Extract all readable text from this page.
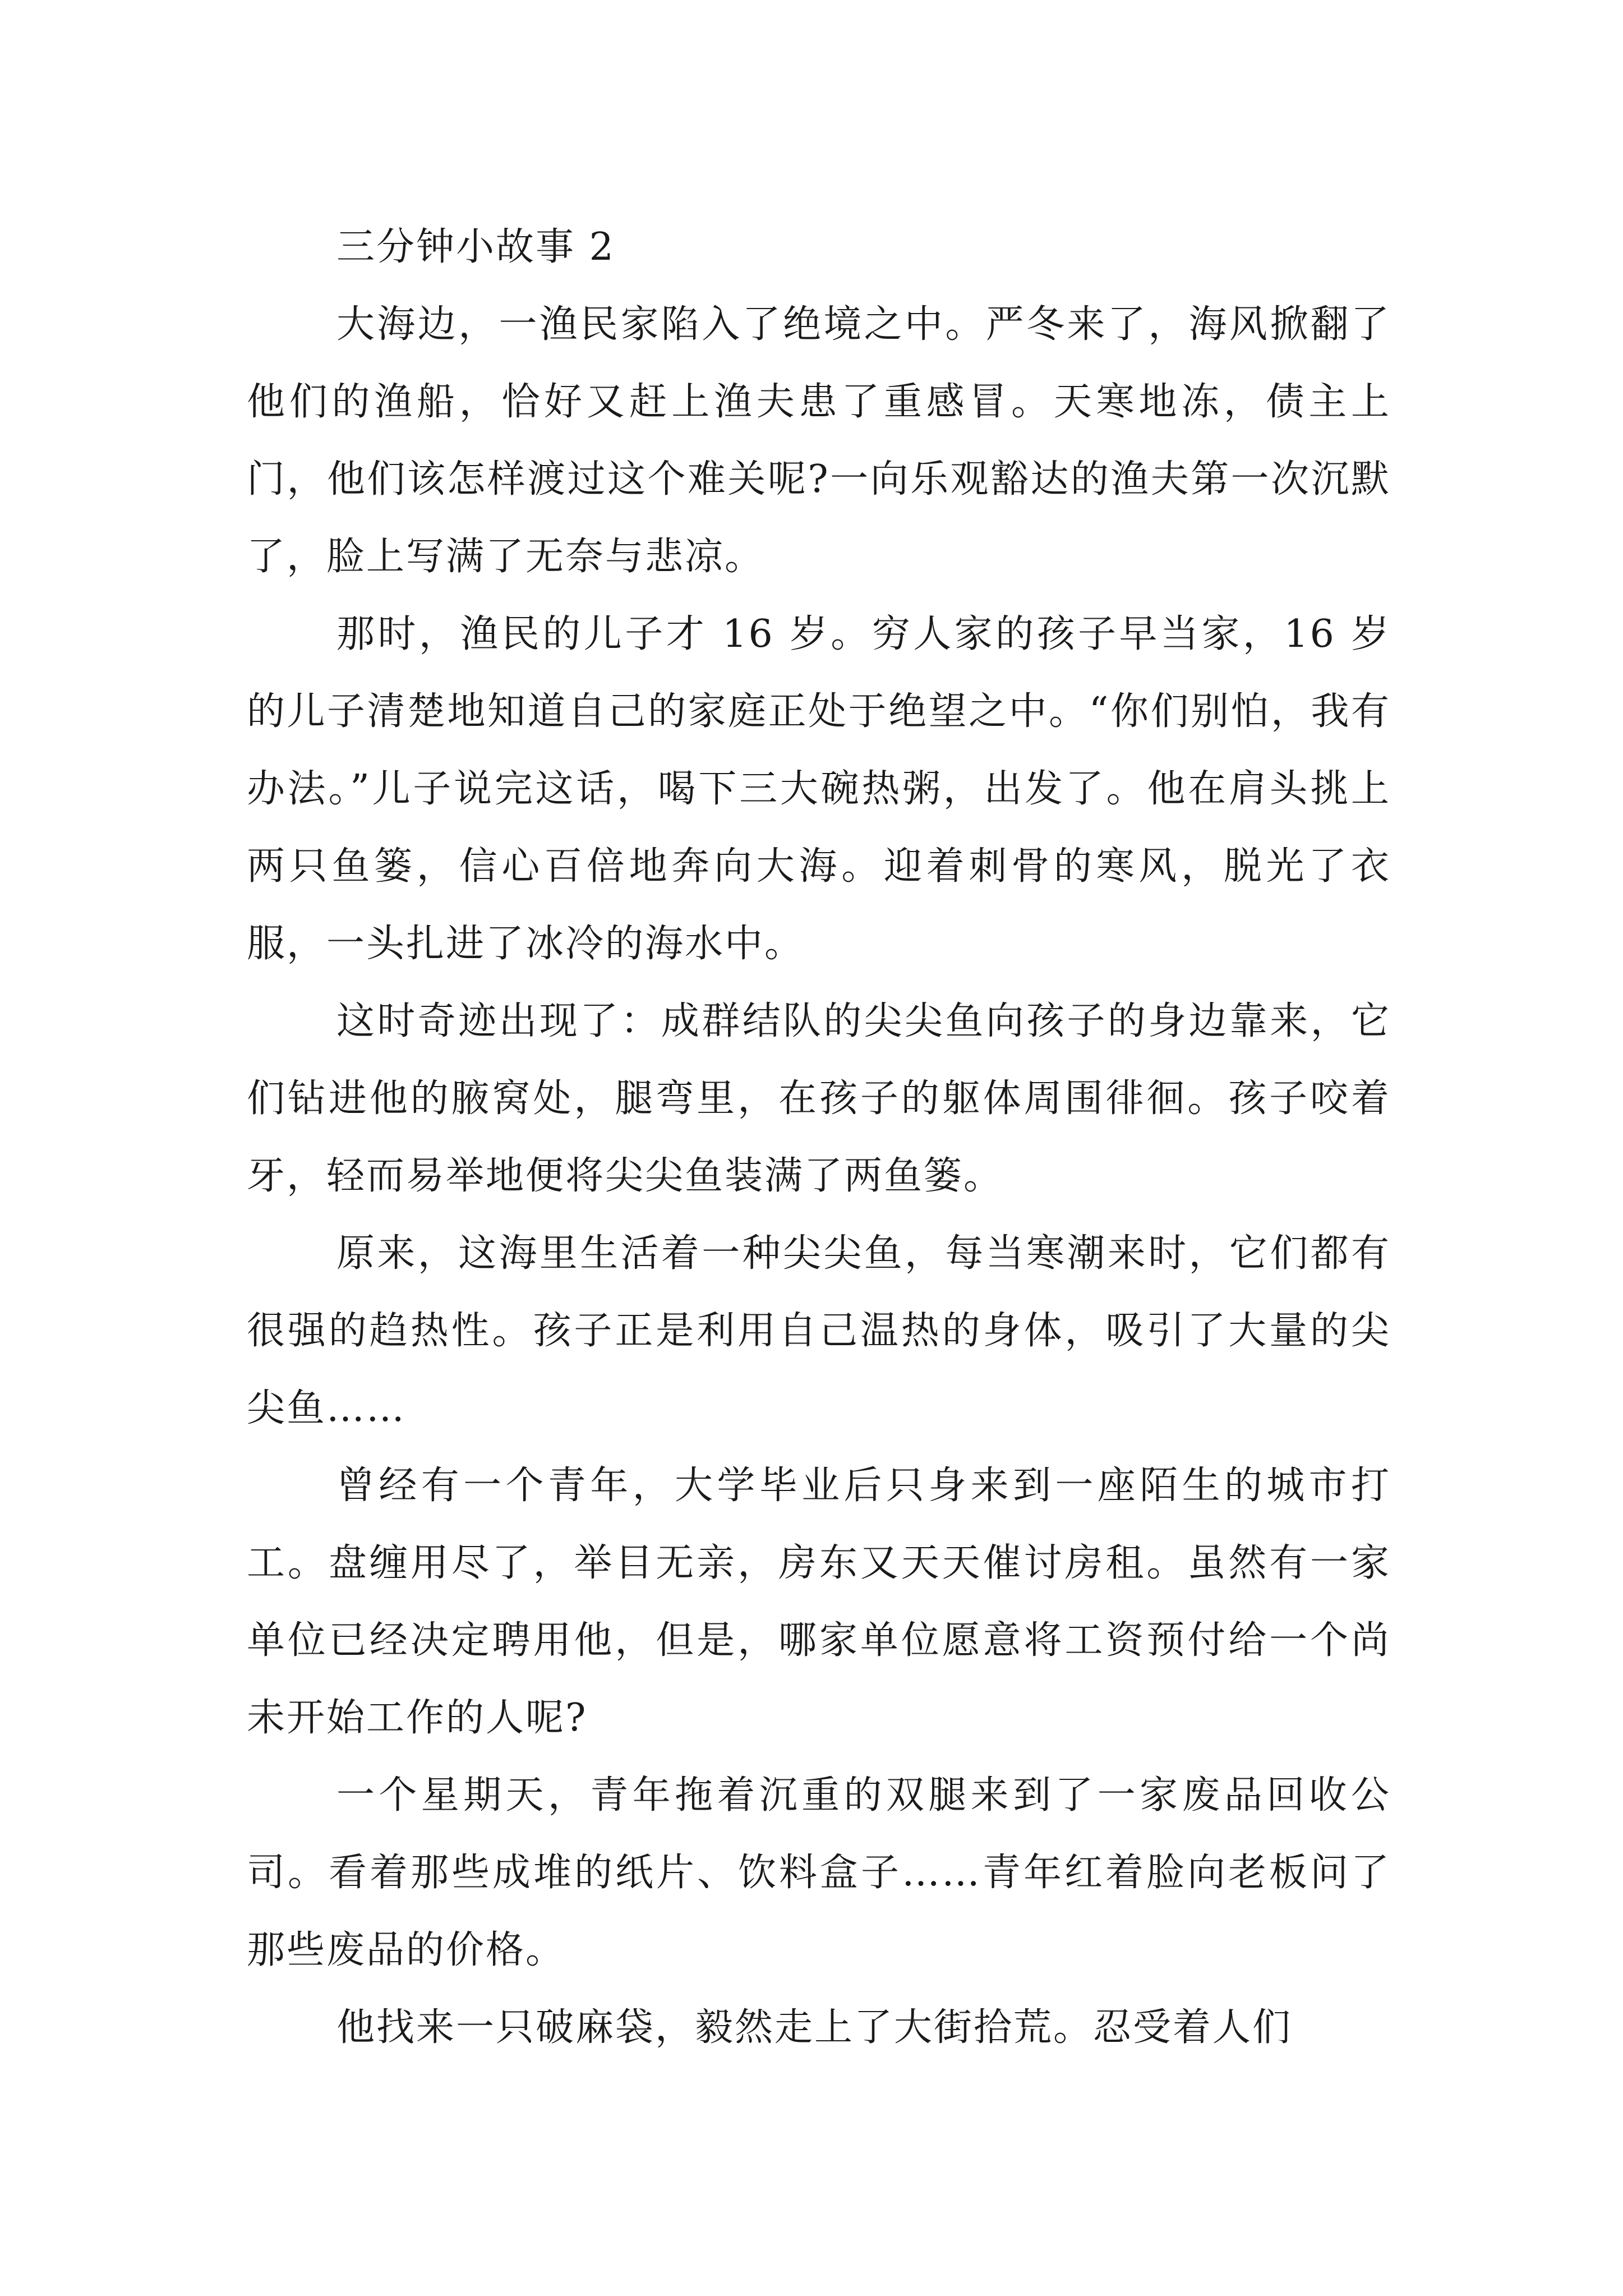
三分钟小故事 2

大海边，一渔民家陷入了绝境之中。严冬来了，海风掀翻了他们的渔船，恰好又赶上渔夫患了重感冒。天寒地冻，债主上门，他们该怎样渡过这个难关呢?一向乐观豁达的渔夫第一次沉默了，脸上写满了无奈与悲凉。

那时，渔民的儿子才 16 岁。穷人家的孩子早当家，16 岁的儿子清楚地知道自己的家庭正处于绝望之中。“你们别怕，我有办法。”儿子说完这话，喝下三大碗热粥，出发了。他在肩头挑上两只鱼篓，信心百倍地奔向大海。迎着刺骨的寒风，脱光了衣服，一头扎进了冰冷的海水中。

这时奇迹出现了：成群结队的尖尖鱼向孩子的身边靠来，它们钻进他的腋窝处，腿弯里，在孩子的躯体周围徘徊。孩子咬着牙，轻而易举地便将尖尖鱼装满了两鱼篓。

原来，这海里生活着一种尖尖鱼，每当寒潮来时，它们都有很强的趋热性。孩子正是利用自己温热的身体，吸引了大量的尖尖鱼……

曾经有一个青年，大学毕业后只身来到一座陌生的城市打工。盘缠用尽了，举目无亲，房东又天天催讨房租。虽然有一家单位已经决定聘用他，但是，哪家单位愿意将工资预付给一个尚未开始工作的人呢?

一个星期天，青年拖着沉重的双腿来到了一家废品回收公司。看着那些成堆的纸片、饮料盒子……青年红着脸向老板问了那些废品的价格。

他找来一只破麻袋，毅然走上了大街拾荒。忍受着人们
